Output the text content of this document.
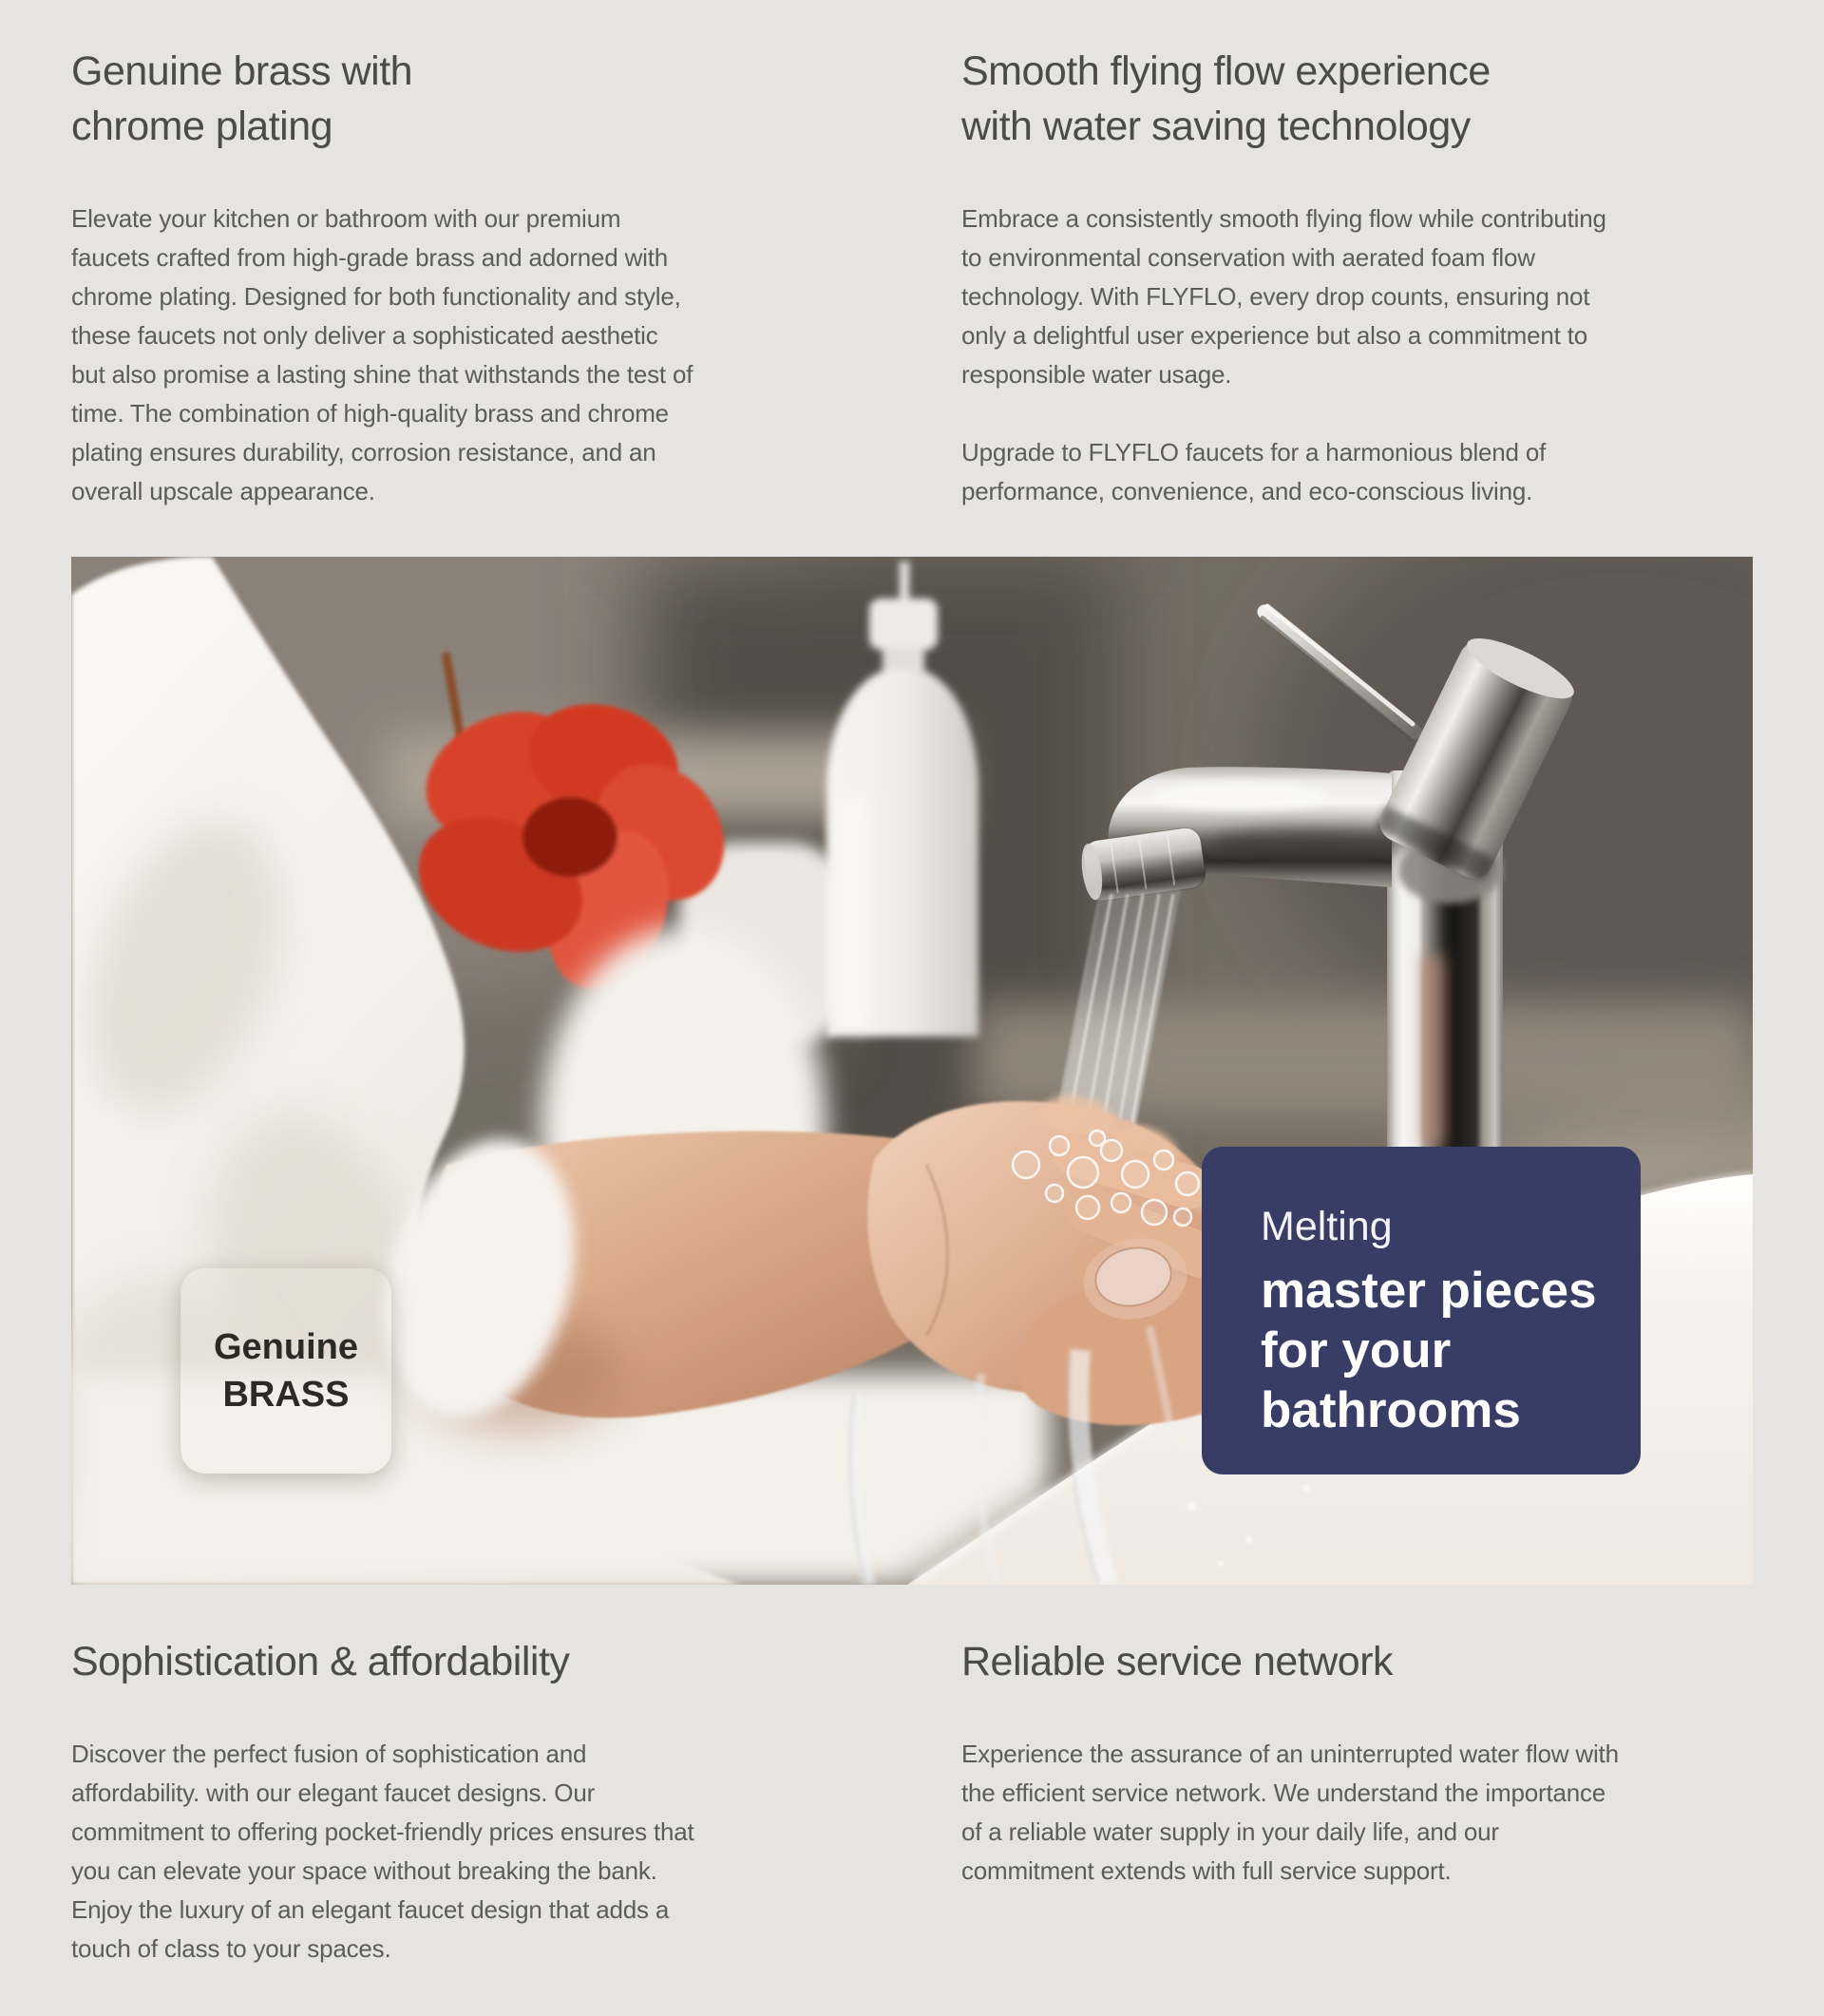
Genuine brass with chrome plating

Elevate your kitchen or bathroom with our premium faucets crafted from high-grade brass and adorned with chrome plating. Designed for both functionality and style, these faucets not only deliver a sophisticated aesthetic but also promise a lasting shine that withstands the test of time. The combination of high-quality brass and chrome plating ensures durability, corrosion resistance, and an overall upscale appearance.

Smooth flying flow experience with water saving technology

Embrace a consistently smooth flying flow while contributing to environmental conservation with aerated foam flow technology. With FLYFLO, every drop counts, ensuring not only a delightful user experience but also a commitment to responsible water usage.

Upgrade to FLYFLO faucets for a harmonious blend of performance, convenience, and eco-conscious living.

Genuine
BRASS

Melting

master pieces

for your

bathrooms

Sophistication & affordability

Discover the perfect fusion of sophistication and affordability. with our elegant faucet designs. Our commitment to offering pocket-friendly prices ensures that you can elevate your space without breaking the bank. Enjoy the luxury of an elegant faucet design that adds a touch of class to your spaces.

Reliable service network

Experience the assurance of an uninterrupted water flow with the efficient service network. We understand the importance of a reliable water supply in your daily life, and our commitment extends with full service support.
